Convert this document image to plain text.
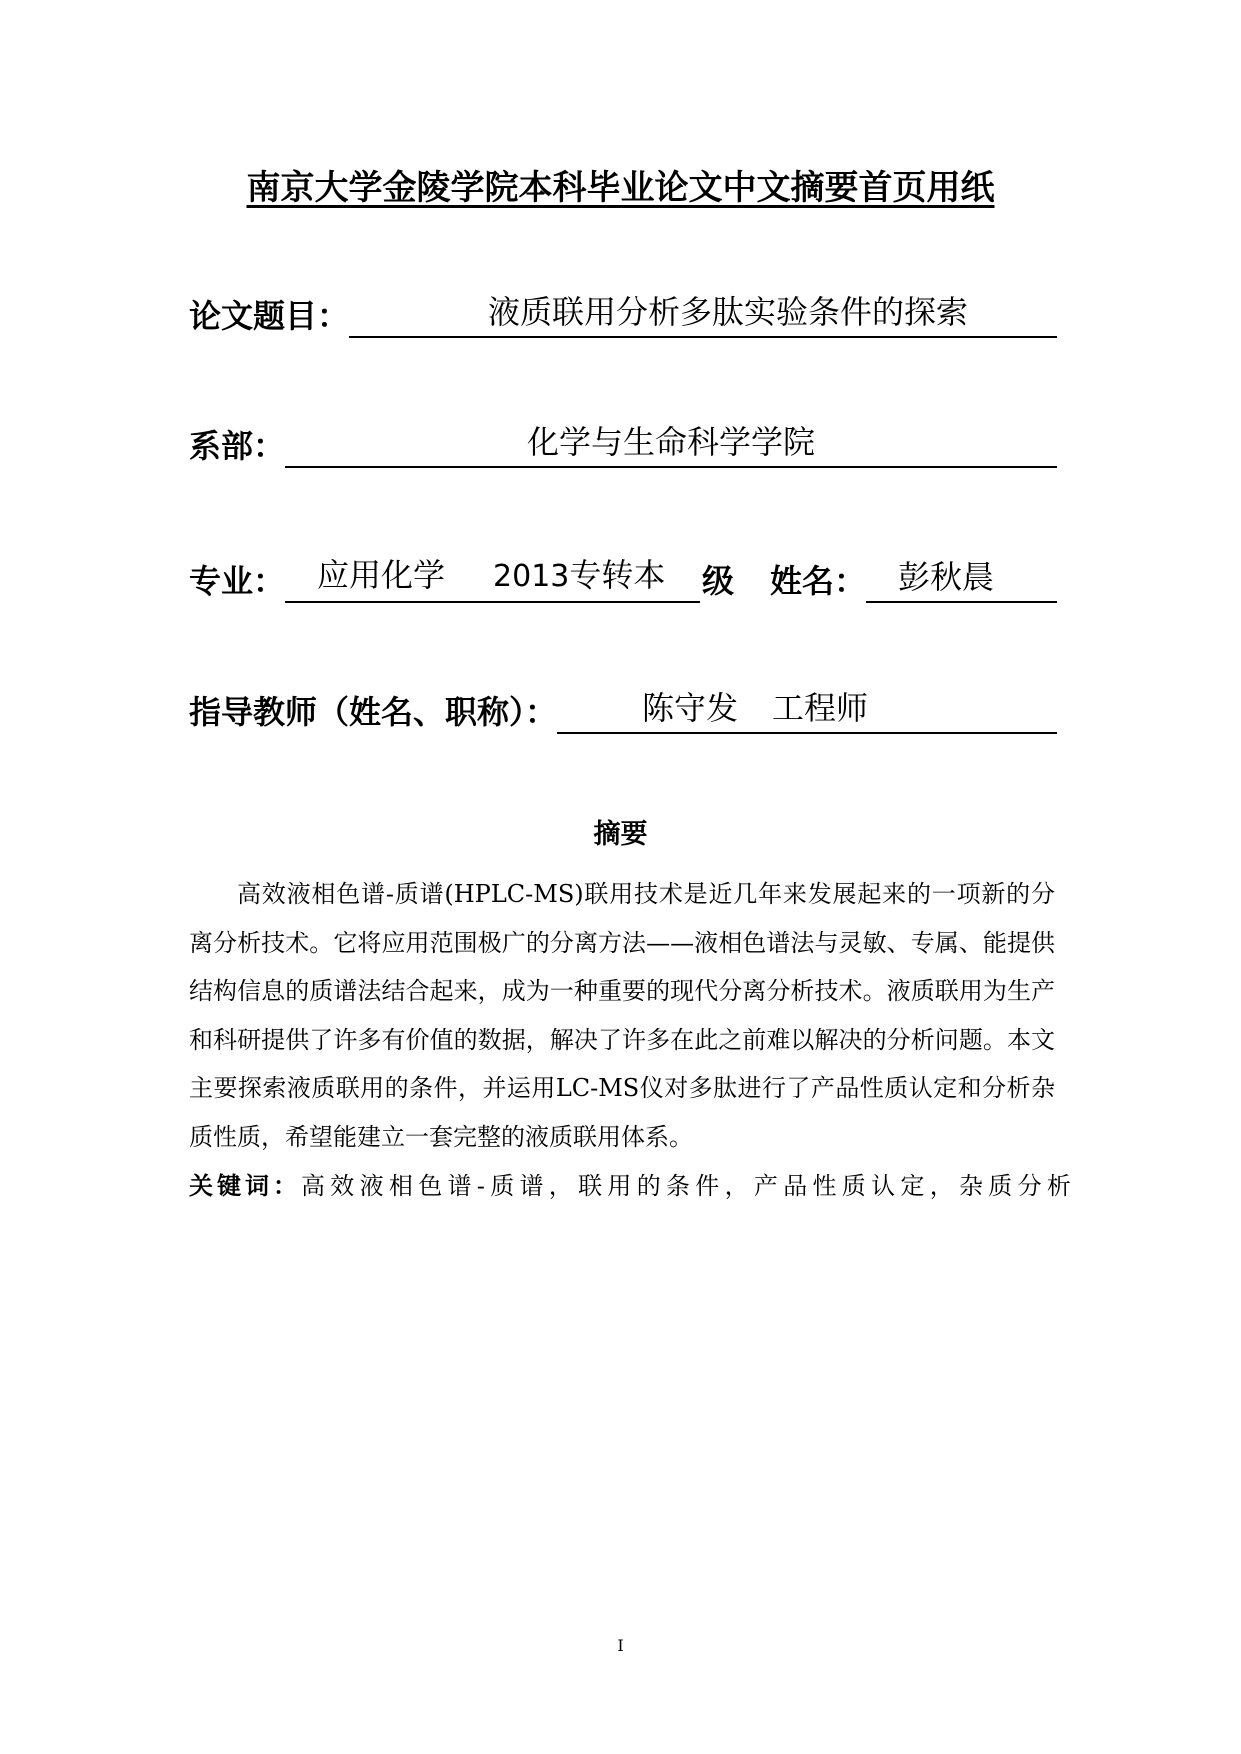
南京大学金陵学院本科毕业论文中文摘要首页用纸
论文题目：	液质联用分析多肽实验条件的探索
系部：	化学与生命科学学院
专业：	应用化学 2013专转本	级 姓名：	彭秋晨
指导教师（姓名、职称）：	陈守发 工程师
摘要

高效液相色谱-质谱(HPLC-MS)联用技术是近几年来发展起来的一项新的分离分析技术。它将应用范围极广的分离方法——液相色谱法与灵敏、专属、能提供结构信息的质谱法结合起来，成为一种重要的现代分离分析技术。液质联用为生产和科研提供了许多有价值的数据，解决了许多在此之前难以解决的分析问题。本文主要探索液质联用的条件，并运用LC-MS仪对多肽进行了产品性质认定和分析杂质性质，希望能建立一套完整的液质联用体系。

关键词：高效液相色谱-质谱，联用的条件，产品性质认定，杂质分析
I
